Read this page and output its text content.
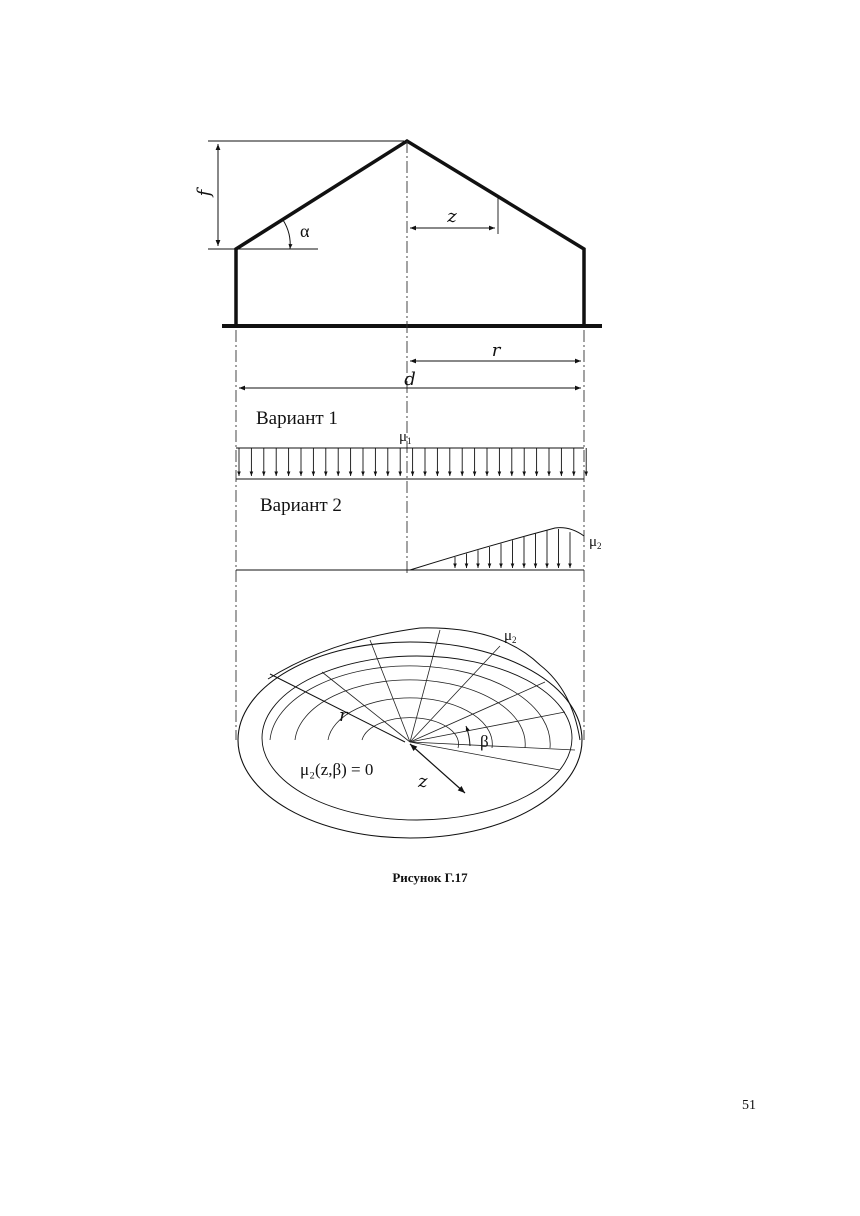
f
α
z
r
d
Вариант 1
$\mu_1$
Вариант 2
$\mu_2$
r
z
β
$\mu_2$
μ₂(z,β) = 0
Рисунок Г.17
51
